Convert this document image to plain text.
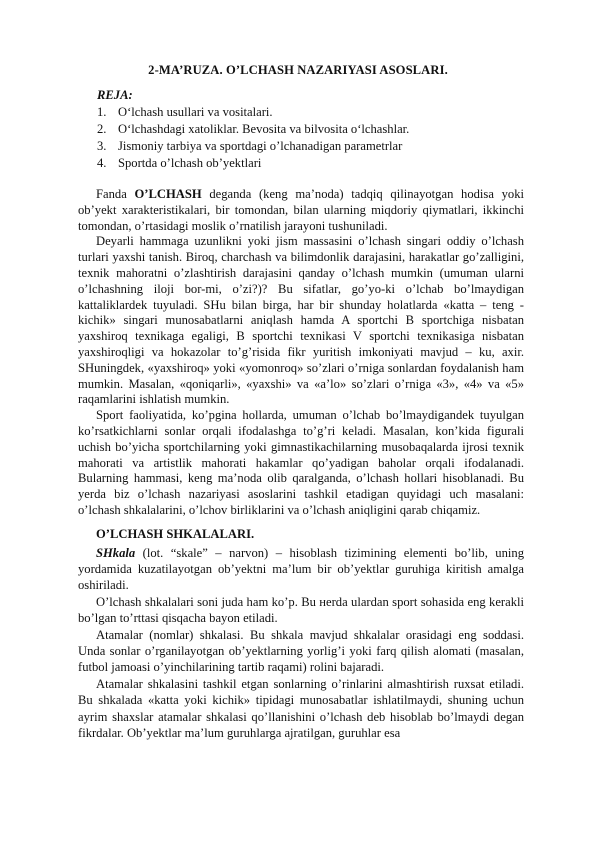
2-MA’RUZA. O’LCHASH NAZARIYASI ASOSLARI.
REJA:
1. O‘lchash usullari va vositalari.
2. O‘lchashdagi xatoliklar. Bevosita va bilvosita o‘lchashlar.
3. Jismoniy tarbiya va sportdagi o’lchanadigan parametrlar
4. Sportda o’lchash ob’yektlari

Fanda O’LCHASH deganda (keng ma’noda) tadqiq qilinayotgan hodisa yoki ob’yekt xarakteristikalari, bir tomondan, bilan ularning miqdoriy qiymatlari, ikkinchi tomondan, o’rtasidagi moslik o’rnatilish jarayoni tushuniladi.

Deyarli hammaga uzunlikni yoki jism massasini o’lchash singari oddiy o’lchash turlari yaxshi tanish. Biroq, charchash va bilimdonlik darajasini, harakatlar go’zalligini, texnik mahoratni o’zlashtirish darajasini qanday o’lchash mumkin (umuman ularni o’lchashning iloji bor-mi, o’zi?)? Bu sifatlar, go’yo-ki o’lchab bo’lmaydigan kattaliklardek tuyuladi. SHu bilan birga, har bir shunday holatlarda «katta – teng - kichik» singari munosabatlarni aniqlash hamda A sportchi B sportchiga nisbatan yaxshiroq texnikaga egaligi, B sportchi texnikasi V sportchi texnikasiga nisbatan yaxshiroqligi va hokazolar to’g’risida fikr yuritish imkoniyati mavjud – ku, axir. SHuningdek, «yaxshiroq» yoki «yomonroq» so’zlari o’rniga sonlardan foydalanish ham mumkin. Masalan, «qoniqarli», «yaxshi» va «a’lo» so’zlari o’rniga «3», «4» va «5» raqamlarini ishlatish mumkin.

Sport faoliyatida, ko’pgina hollarda, umuman o’lchab bo’lmaydigandek tuyulgan ko’rsatkichlarni sonlar orqali ifodalashga to’g’ri keladi. Masalan, kon’kida figurali uchish bo’yicha sportchilarning yoki gimnastikachilarning musobaqalarda ijrosi texnik mahorati va artistlik mahorati hakamlar qo’yadigan baholar orqali ifodalanadi. Bularning hammasi, keng ma’noda olib qaralganda, o’lchash hollari hisoblanadi. Bu yerda biz o’lchash nazariyasi asoslarini tashkil etadigan quyidagi uch masalani: o’lchash shkalalarini, o’lchov birliklarini va o’lchash aniqligini qarab chiqamiz.

O’LCHASH SHKALALARI.

SHkala (lot. “skale” – narvon) – hisoblash tizimining elementi bo’lib, uning yordamida kuzatilayotgan ob’yektni ma’lum bir ob’yektlar guruhiga kiritish amalga oshiriladi.

O’lchash shkalalari soni juda ham ko’p. Bu нerda ulardan sport sohasida eng kerakli bo’lgan to’rttasi qisqacha bayon etiladi.

Atamalar (nomlar) shkalasi. Bu shkala mavjud shkalalar orasidagi eng soddasi. Unda sonlar o’rganilayotgan ob’yektlarning yorlig’i yoki farq qilish alomati (masalan, futbol jamoasi o’yinchilarining tartib raqami) rolini bajaradi.

Atamalar shkalasini tashkil etgan sonlarning o’rinlarini almashtirish ruxsat etiladi. Bu shkalada «katta yoki kichik» tipidagi munosabatlar ishlatilmaydi, shuning uchun ayrim shaxslar atamalar shkalasi qo’llanishini o’lchash deb hisoblab bo’lmaydi degan fikrdalar. Ob’yektlar ma’lum guruhlarga ajratilgan, guruhlar esa
